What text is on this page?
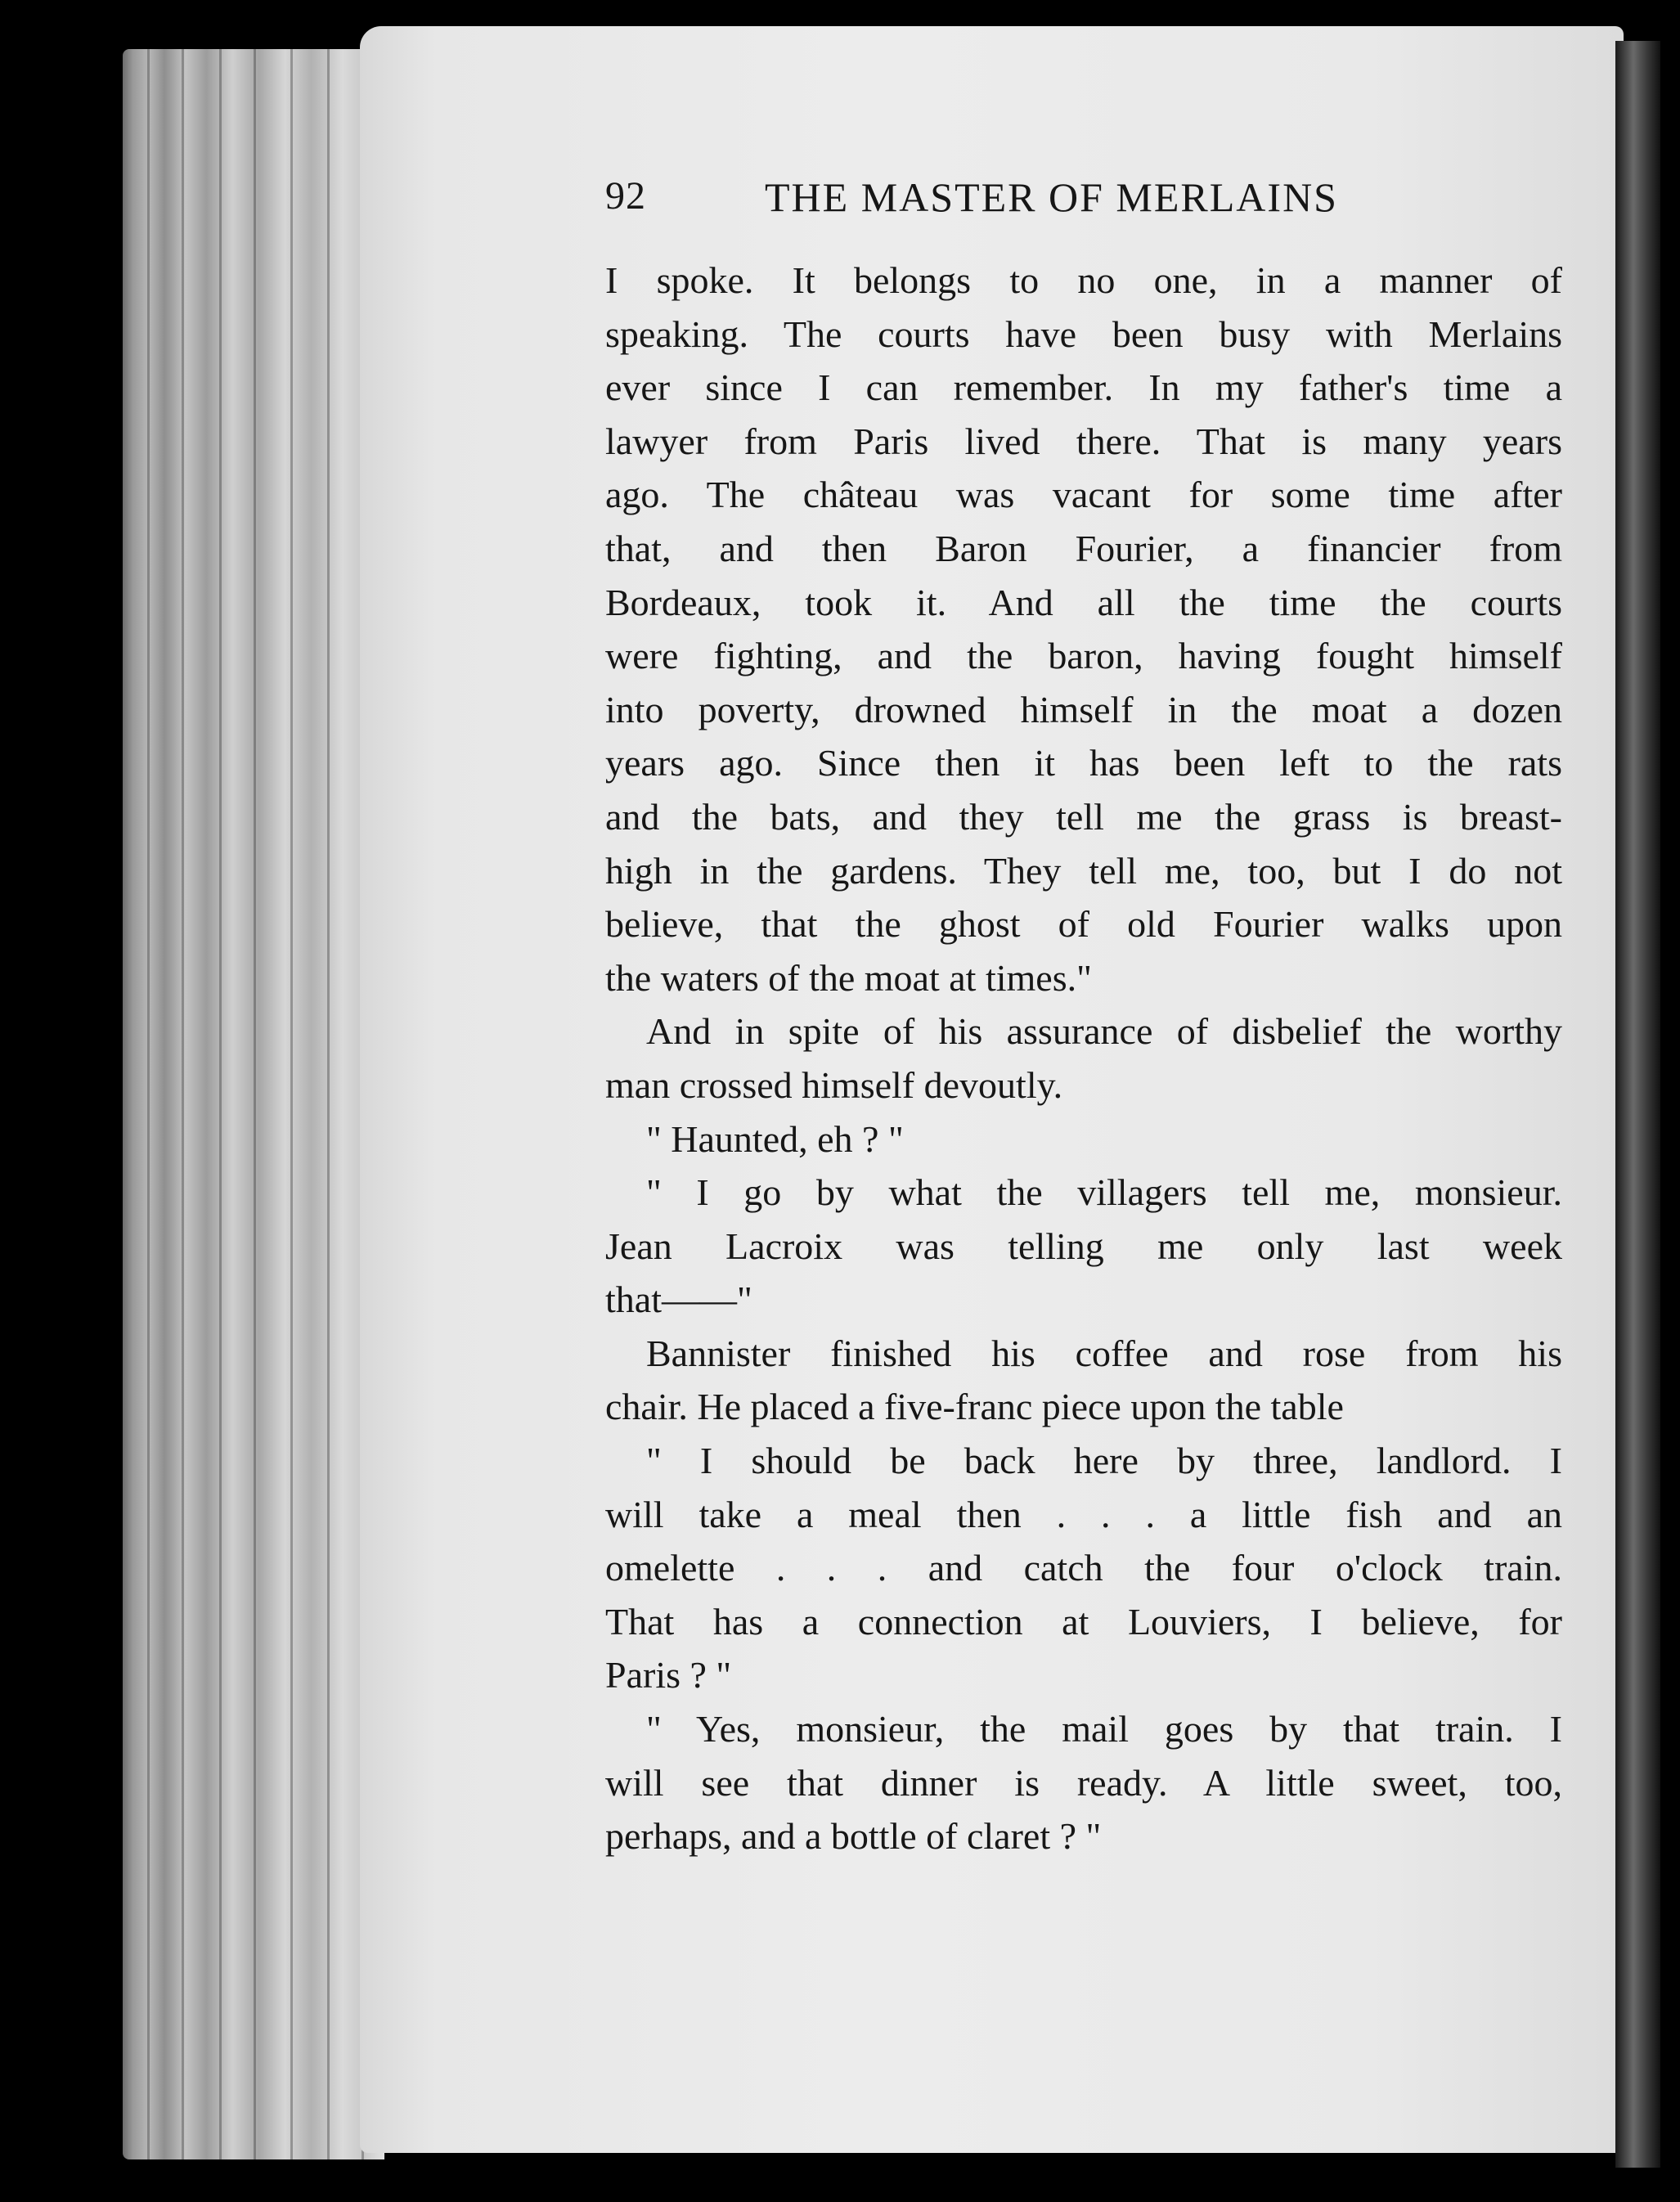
92	THE MASTER OF MERLAINS
I spoke. It belongs to no one, in a manner of
speaking. The courts have been busy with Merlains
ever since I can remember. In my father's time a
lawyer from Paris lived there. That is many years
ago. The château was vacant for some time after
that, and then Baron Fourier, a financier from
Bordeaux, took it. And all the time the courts
were fighting, and the baron, having fought himself
into poverty, drowned himself in the moat a dozen
years ago. Since then it has been left to the rats
and the bats, and they tell me the grass is breast-
high in the gardens. They tell me, too, but I do not
believe, that the ghost of old Fourier walks upon
the waters of the moat at times."
And in spite of his assurance of disbelief the worthy
man crossed himself devoutly.
" Haunted, eh ? "
" I go by what the villagers tell me, monsieur.
Jean Lacroix was telling me only last week
that——"
Bannister finished his coffee and rose from his
chair. He placed a five-franc piece upon the table
" I should be back here by three, landlord. I
will take a meal then . . . a little fish and an
omelette . . . and catch the four o'clock train.
That has a connection at Louviers, I believe, for
Paris ? "
" Yes, monsieur, the mail goes by that train. I
will see that dinner is ready. A little sweet, too,
perhaps, and a bottle of claret ? "
